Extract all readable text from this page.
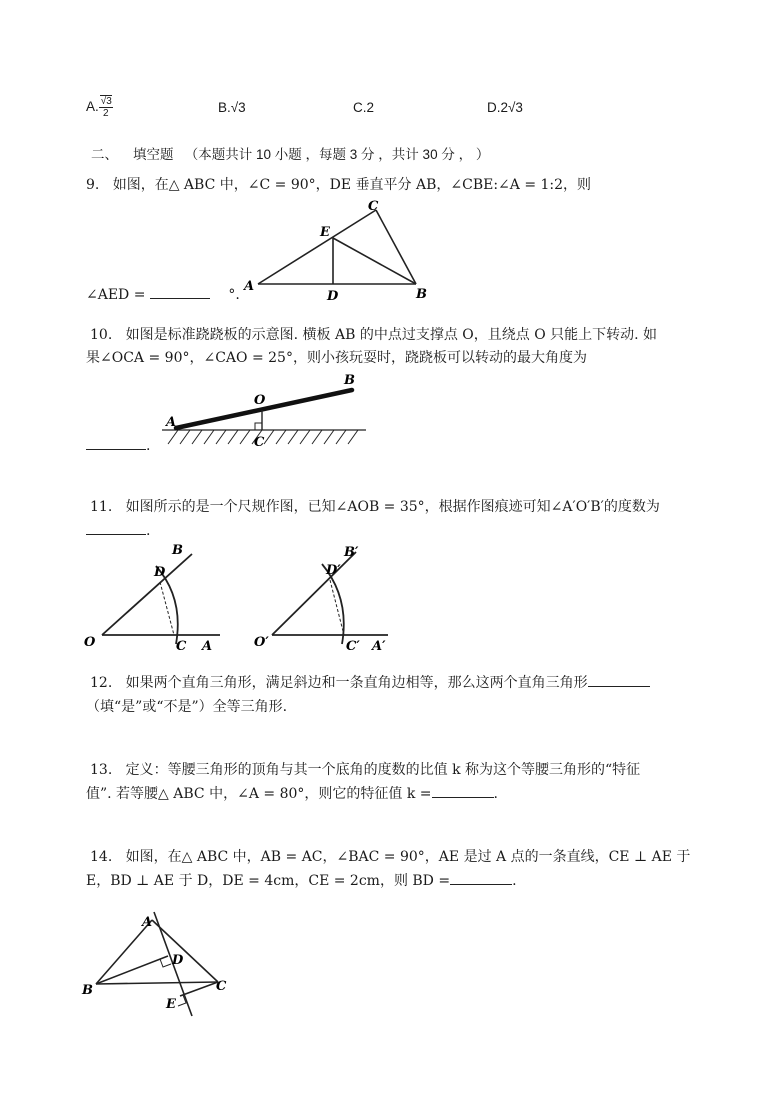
A. $\frac{√3}{2}$	B.√3	C.2	D.2√3
二、 填空题 （本题共计 10 小题 ，每题 3 分 ，共计 30 分 ， ）
9. 如图，在△ ABC 中，∠C = 90°，DE 垂直平分 AB，∠CBE:∠A = 1:2，则
∠AED =	°.
C
E
A
D	B
10. 如图是标准跷跷板的示意图. 横板 AB 的中点过支撑点 O，且绕点 O 只能上下转动. 如
果∠OCA = 90°，∠CAO = 25°，则小孩玩耍时，跷跷板可以转动的最大角度为
.
A
O
B
C
11. 如图所示的是一个尺规作图，已知∠AOB = 35°，根据作图痕迹可知∠A′O′B′的度数为
.
B
D
O	C A
B′
D′
O′	C′ A′
12. 如果两个直角三角形，满足斜边和一条直角边相等，那么这两个直角三角形
（填“是”或“不是”）全等三角形.
13. 定义：等腰三角形的顶角与其一个底角的度数的比值 k 称为这个等腰三角形的“特征
值”. 若等腰△ ABC 中，∠A = 80°，则它的特征值 k =	.
14. 如图，在△ ABC 中，AB = AC，∠BAC = 90°，AE 是过 A 点的一条直线，CE ⊥ AE 于
E，BD ⊥ AE 于 D，DE = 4cm，CE = 2cm，则 BD =	.
A
D
B	C
E
